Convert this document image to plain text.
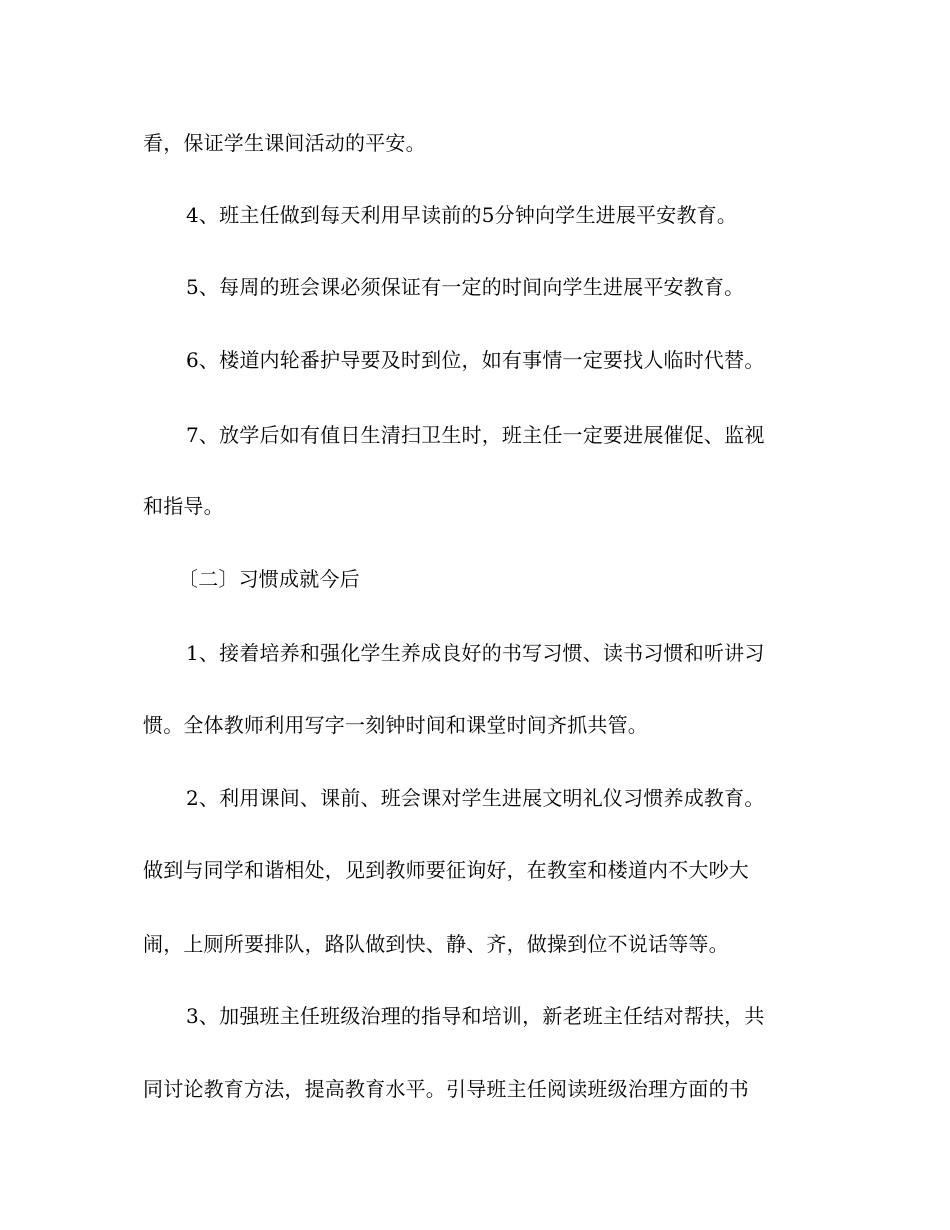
看，保证学生课间活动的平安。
4、班主任做到每天利用早读前的5分钟向学生进展平安教育。
5、每周的班会课必须保证有一定的时间向学生进展平安教育。
6、楼道内轮番护导要及时到位，如有事情一定要找人临时代替。
7、放学后如有值日生清扫卫生时，班主任一定要进展催促、监视
和指导。
〔二〕习惯成就今后
1、接着培养和强化学生养成良好的书写习惯、读书习惯和听讲习
惯。全体教师利用写字一刻钟时间和课堂时间齐抓共管。
2、利用课间、课前、班会课对学生进展文明礼仪习惯养成教育。
做到与同学和谐相处，见到教师要征询好，在教室和楼道内不大吵大
闹，上厕所要排队，路队做到快、静、齐，做操到位不说话等等。
3、加强班主任班级治理的指导和培训，新老班主任结对帮扶，共
同讨论教育方法，提高教育水平。引导班主任阅读班级治理方面的书
